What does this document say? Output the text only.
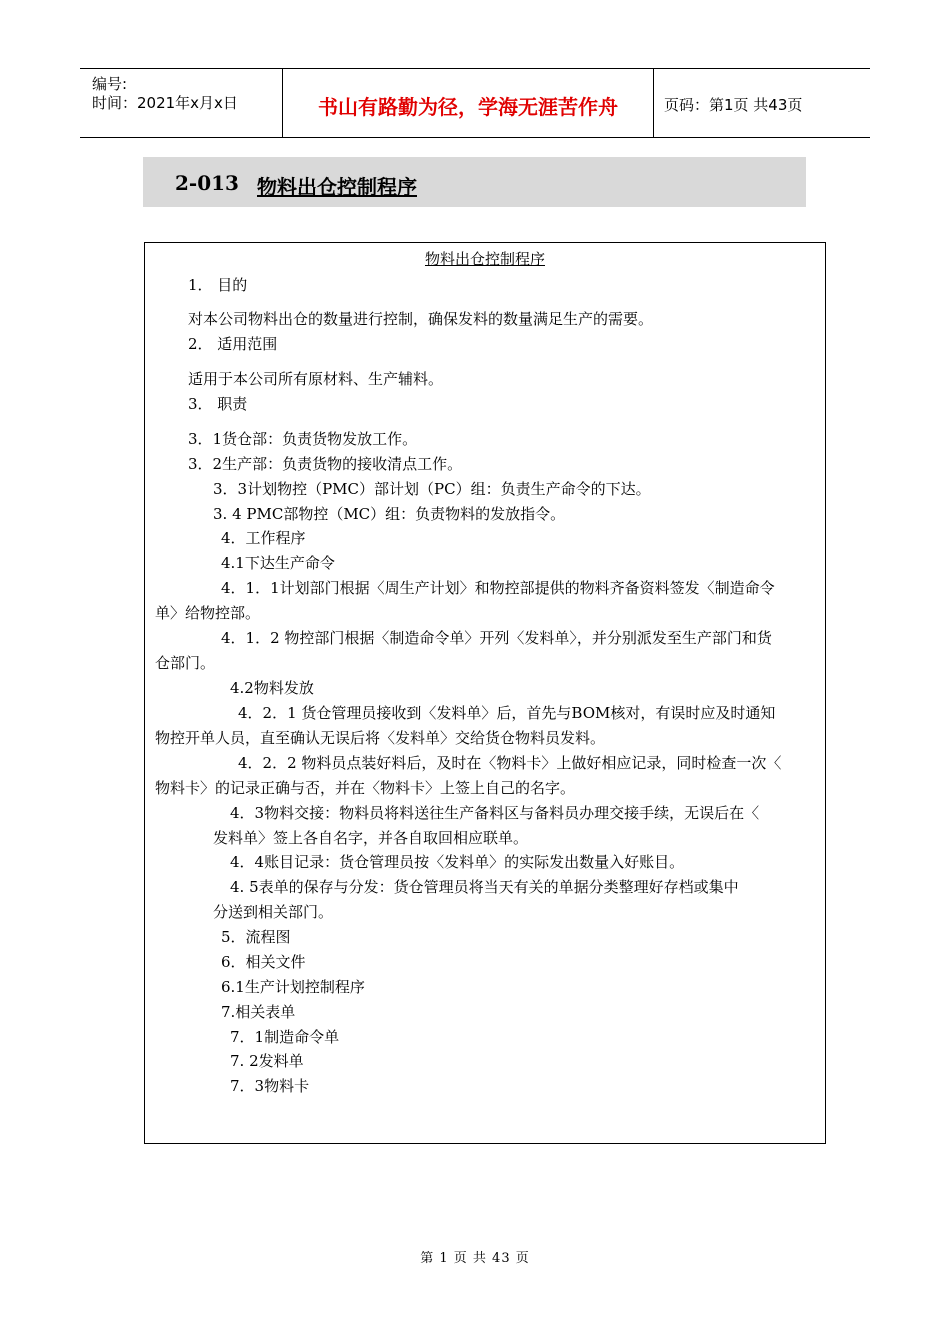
编号:
时间：2021年x月x日	书山有路勤为径，学海无涯苦作舟	页码：第1页 共43页
2-013 物料出仓控制程序
物料出仓控制程序
1． 目的
对本公司物料出仓的数量进行控制，确保发料的数量满足生产的需要。
2． 适用范围
适用于本公司所有原材料、生产辅料。
3． 职责
3．1货仓部：负责货物发放工作。
3．2生产部：负责货物的接收清点工作。
3．3计划物控（PMC）部计划（PC）组：负责生产命令的下达。
3. 4 PMC部物控（MC）组：负责物料的发放指令。
4．工作程序
4.1下达生产命令
4．1．1计划部门根据〈周生产计划〉和物控部提供的物料齐备资料签发〈制造命令
单〉给物控部。
4．1．2 物控部门根据〈制造命令单〉开列〈发料单〉，并分别派发至生产部门和货
仓部门。
4.2物料发放
4．2．1 货仓管理员接收到〈发料单〉后，首先与BOM核对，有误时应及时通知
物控开单人员，直至确认无误后将〈发料单〉交给货仓物料员发料。
4．2．2 物料员点装好料后，及时在〈物料卡〉上做好相应记录，同时检查一次〈
物料卡〉的记录正确与否，并在〈物料卡〉上签上自己的名字。
4．3物料交接：物料员将料送往生产备料区与备料员办理交接手续，无误后在〈
发料单〉签上各自名字，并各自取回相应联单。
4．4账目记录：货仓管理员按〈发料单〉的实际发出数量入好账目。
4. 5表单的保存与分发：货仓管理员将当天有关的单据分类整理好存档或集中
分送到相关部门。
5．流程图
6．相关文件
6.1生产计划控制程序
7.相关表单
7．1制造命令单
7. 2发料单
7．3物料卡
第 1 页 共 43 页
